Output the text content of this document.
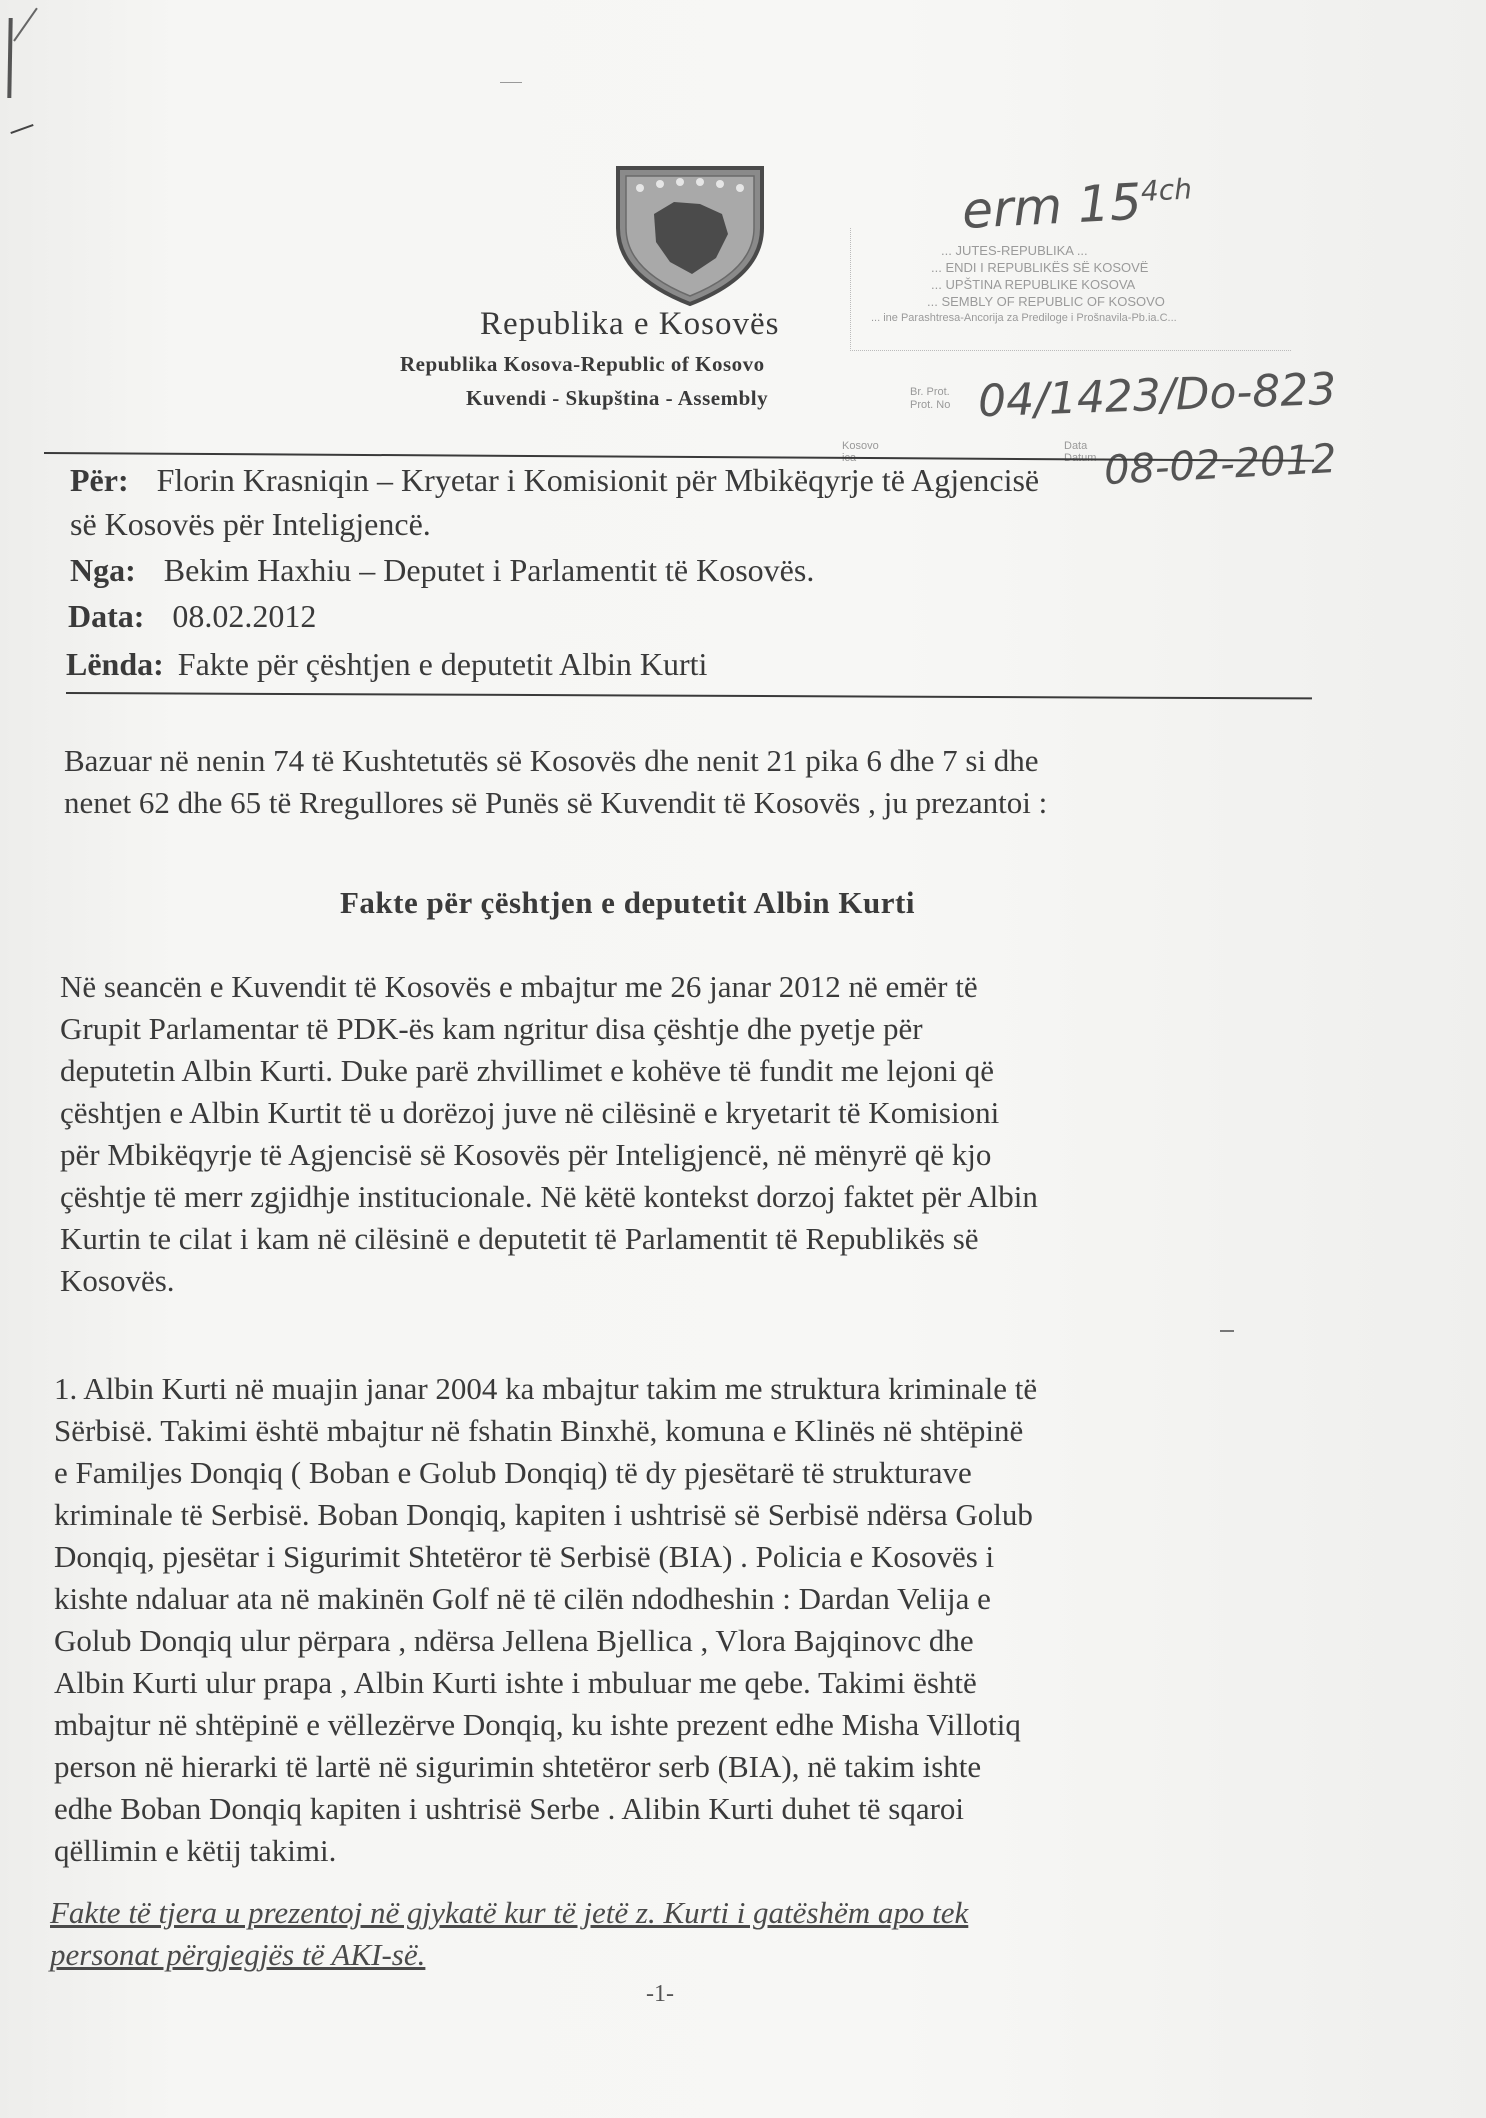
Republika e Kosovës
Republika Kosova-Republic of Kosovo
Kuvendi - Skupština - Assembly
... JUTES-REPUBLIKA ...
... ENDI I REPUBLIKËS SË KOSOVË
... UPŠTINA REPUBLIKE KOSOVA
... SEMBLY OF REPUBLIC OF KOSOVO
... ine Parashtresa-Ancorija za Prediloge i Prošnavila-Pb.ia.C...
Br. Prot.
Prot. No
Kosovo	Data

erm $15^{4ch}$
04/1423/Do-823
08-02-2012
Për: Florin Krasniqin – Kryetar i Komisionit për Mbikëqyrje të Agjencisë
së Kosovës për Inteligjencë.
Nga: Bekim Haxhiu – Deputet i Parlamentit të Kosovës.
Data: 08.02.2012
Lënda: Fakte për çështjen e deputetit Albin Kurti
Bazuar në nenin 74 të Kushtetutës së Kosovës dhe nenit 21 pika 6 dhe 7 si dhe
nenet 62 dhe 65 të Rregullores së Punës së Kuvendit të Kosovës , ju prezantoi :
Fakte për çështjen e deputetit Albin Kurti
Në seancën e Kuvendit të Kosovës e mbajtur me 26 janar 2012 në emër të
Grupit Parlamentar të PDK-ës kam ngritur disa çështje dhe pyetje për
deputetin Albin Kurti. Duke parë zhvillimet e kohëve të fundit me lejoni që
çështjen e Albin Kurtit të u dorëzoj juve në cilësinë e kryetarit të Komisioni
për Mbikëqyrje të Agjencisë së Kosovës për Inteligjencë, në mënyrë që kjo
çështje të merr zgjidhje institucionale. Në këtë kontekst dorzoj faktet për Albin
Kurtin te cilat i kam në cilësinë e deputetit të Parlamentit të Republikës së
Kosovës.
1. Albin Kurti në muajin janar 2004 ka mbajtur takim me struktura kriminale të
Sërbisë. Takimi është mbajtur në fshatin Binxhë, komuna e Klinës në shtëpinë
e Familjes Donqiq ( Boban e Golub Donqiq) të dy pjesëtarë të strukturave
kriminale të Serbisë. Boban Donqiq, kapiten i ushtrisë së Serbisë ndërsa Golub
Donqiq, pjesëtar i Sigurimit Shtetëror të Serbisë (BIA) . Policia e Kosovës i
kishte ndaluar ata në makinën Golf në të cilën ndodheshin : Dardan Velija e
Golub Donqiq ulur përpara , ndërsa Jellena Bjellica , Vlora Bajqinovc dhe
Albin Kurti ulur prapa , Albin Kurti ishte i mbuluar me qebe. Takimi është
mbajtur në shtëpinë e vëllezërve Donqiq, ku ishte prezent edhe Misha Villotiq
person në hierarki të lartë në sigurimin shtetëror serb (BIA), në takim ishte
edhe Boban Donqiq kapiten i ushtrisë Serbe . Alibin Kurti duhet të sqaroi
qëllimin e këtij takimi.
Fakte të tjera u prezentoj në gjykatë kur të jetë z. Kurti i gatëshëm apo tek
personat përgjegjës të AKI-së.
-1-
